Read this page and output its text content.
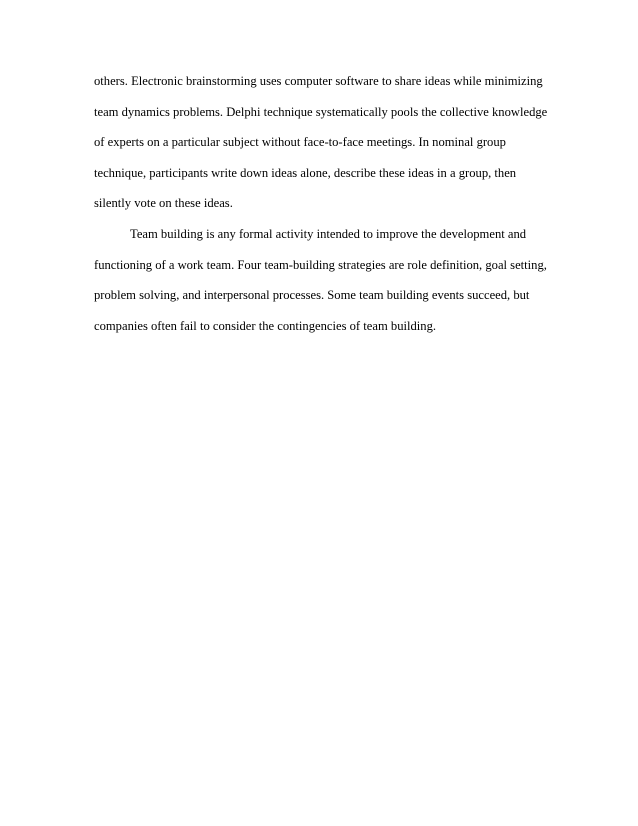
others. Electronic brainstorming uses computer software to share ideas while minimizing team dynamics problems. Delphi technique systematically pools the collective knowledge of experts on a particular subject without face-to-face meetings. In nominal group technique, participants write down ideas alone, describe these ideas in a group, then silently vote on these ideas.

Team building is any formal activity intended to improve the development and functioning of a work team. Four team-building strategies are role definition, goal setting, problem solving, and interpersonal processes. Some team building events succeed, but companies often fail to consider the contingencies of team building.
